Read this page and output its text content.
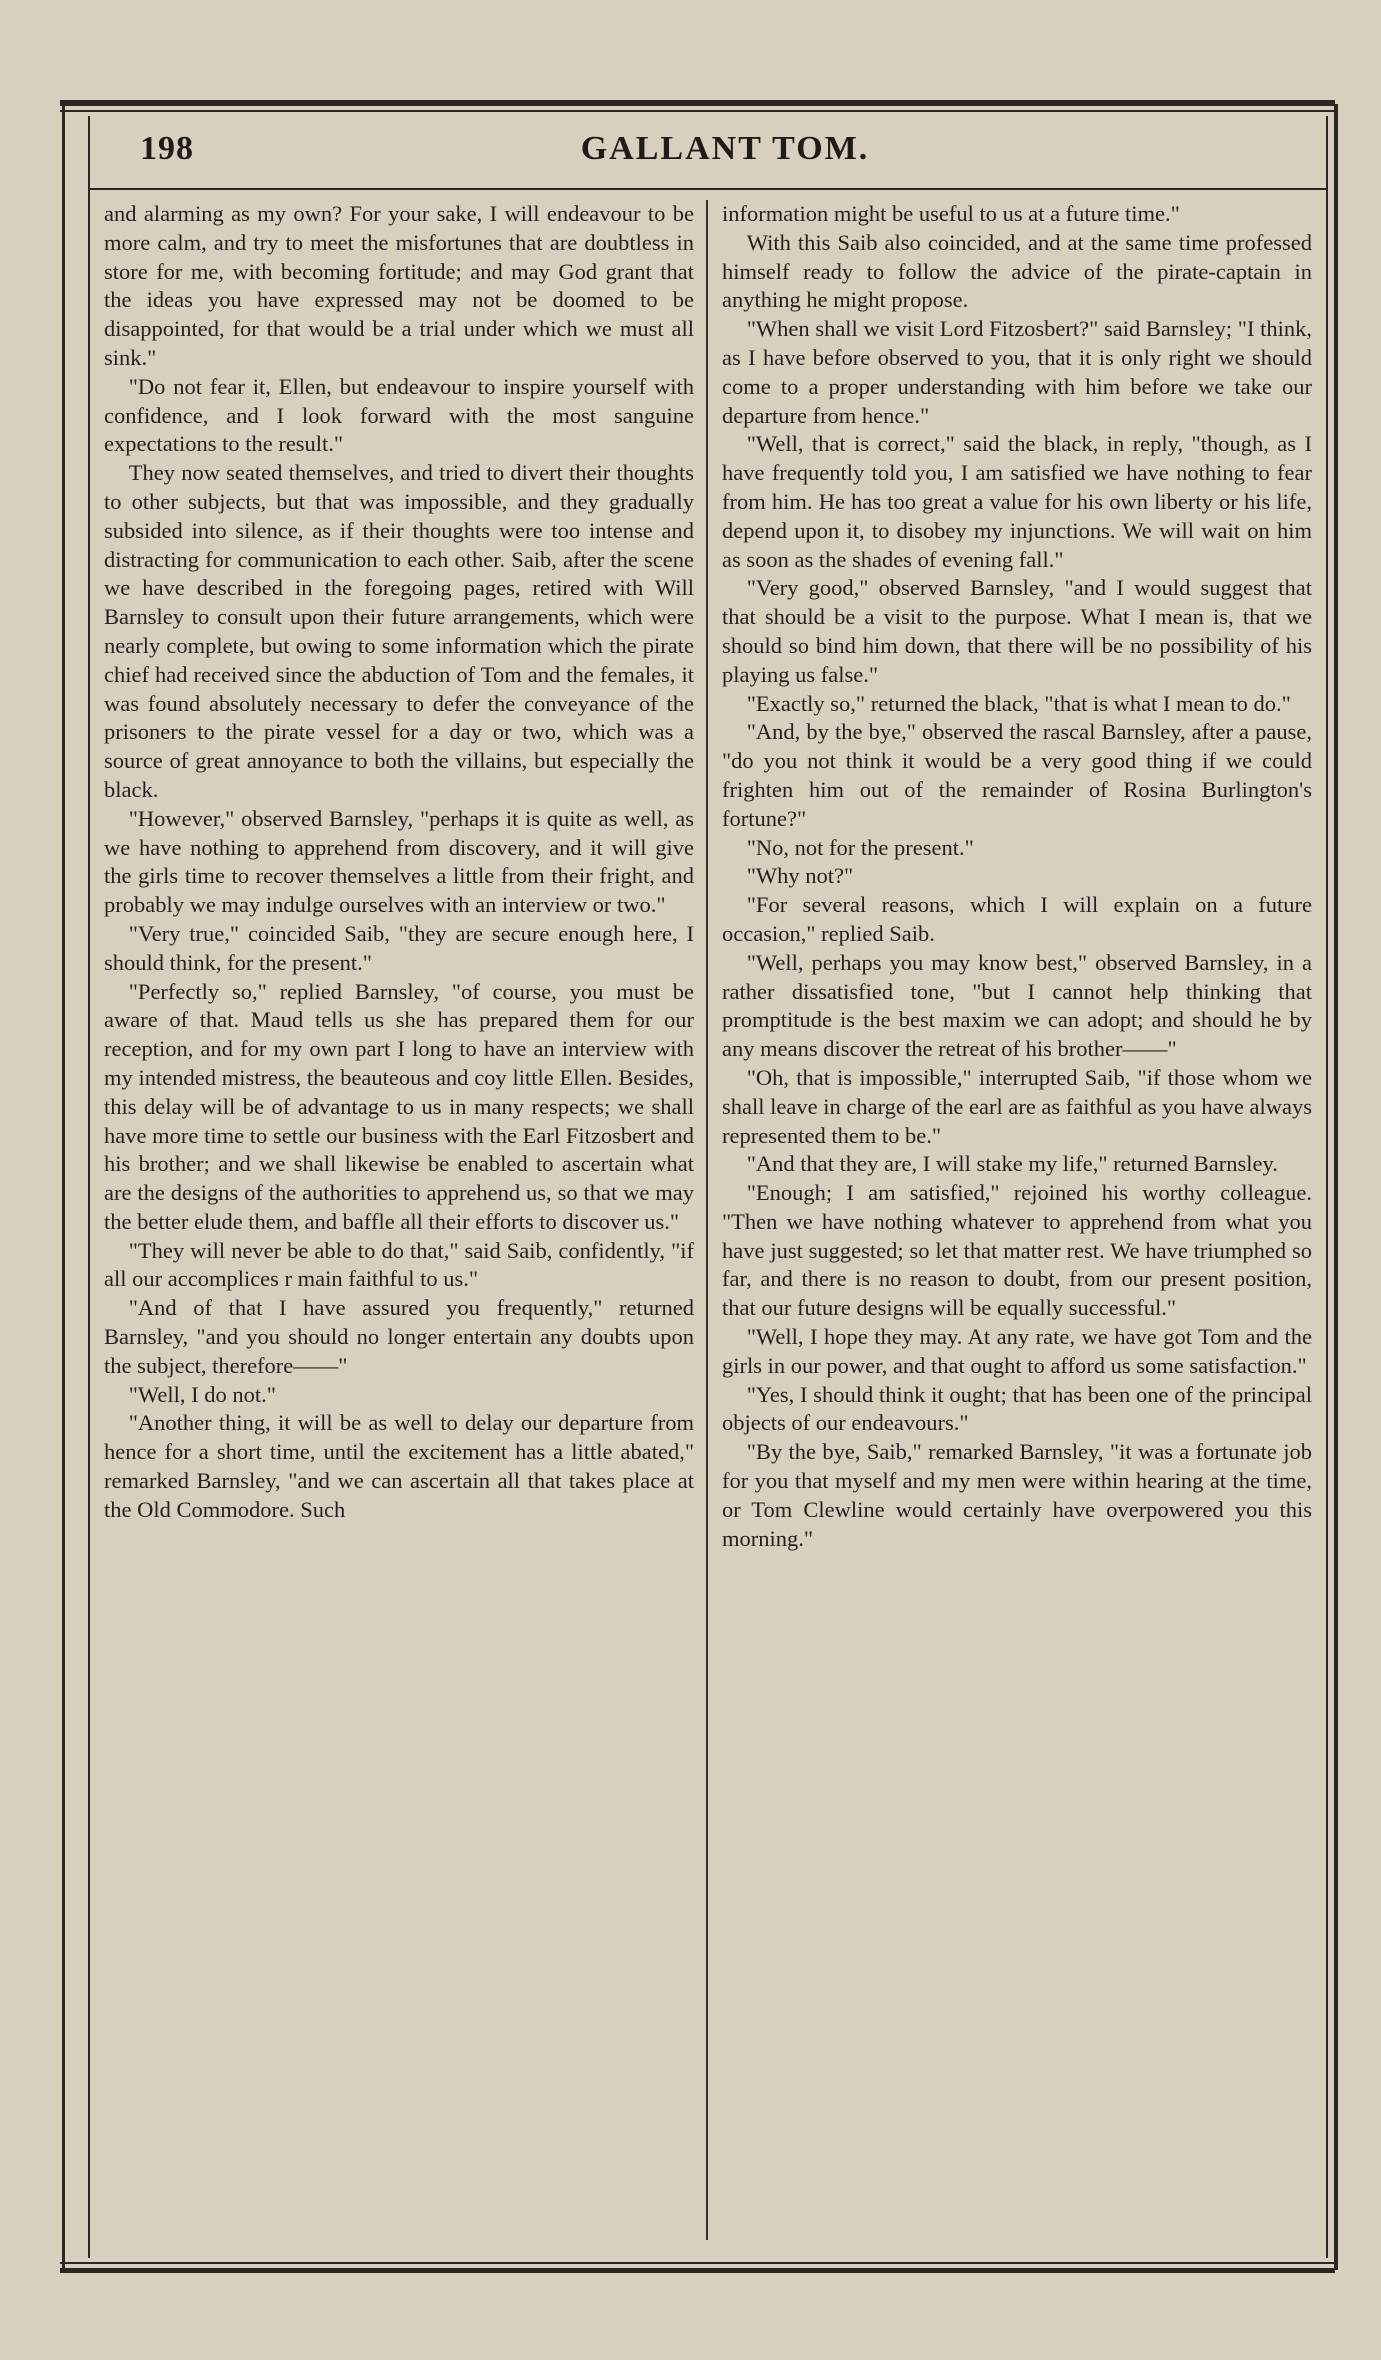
GALLANT TOM.
198

and alarming as my own? For your sake, I will endeavour to be more calm, and try to meet the misfortunes that are doubtless in store for me, with becoming fortitude; and may God grant that the ideas you have expressed may not be doomed to be disappointed, for that would be a trial under which we must all sink."

"Do not fear it, Ellen, but endeavour to inspire yourself with confidence, and I look forward with the most sanguine expectations to the result."

They now seated themselves, and tried to divert their thoughts to other subjects, but that was impossible, and they gradually subsided into silence, as if their thoughts were too intense and distracting for communication to each other. Saib, after the scene we have described in the foregoing pages, retired with Will Barnsley to consult upon their future arrangements, which were nearly complete, but owing to some information which the pirate chief had received since the abduction of Tom and the females, it was found absolutely necessary to defer the conveyance of the prisoners to the pirate vessel for a day or two, which was a source of great annoyance to both the villains, but especially the black.

"However," observed Barnsley, "perhaps it is quite as well, as we have nothing to apprehend from discovery, and it will give the girls time to recover themselves a little from their fright, and probably we may indulge ourselves with an interview or two."

"Very true," coincided Saib, "they are secure enough here, I should think, for the present."

"Perfectly so," replied Barnsley, "of course, you must be aware of that. Maud tells us she has prepared them for our reception, and for my own part I long to have an interview with my intended mistress, the beauteous and coy little Ellen. Besides, this delay will be of advantage to us in many respects; we shall have more time to settle our business with the Earl Fitzosbert and his brother; and we shall likewise be enabled to ascertain what are the designs of the authorities to apprehend us, so that we may the better elude them, and baffle all their efforts to discover us."

"They will never be able to do that," said Saib, confidently, "if all our accomplices r main faithful to us."

"And of that I have assured you frequently," returned Barnsley, "and you should no longer entertain any doubts upon the subject, therefore——"

"Well, I do not."

"Another thing, it will be as well to delay our departure from hence for a short time, until the excitement has a little abated," remarked Barnsley, "and we can ascertain all that takes place at the Old Commodore. Such

information might be useful to us at a future time."

With this Saib also coincided, and at the same time professed himself ready to follow the advice of the pirate-captain in anything he might propose.

"When shall we visit Lord Fitzosbert?" said Barnsley; "I think, as I have before observed to you, that it is only right we should come to a proper understanding with him before we take our departure from hence."

"Well, that is correct," said the black, in reply, "though, as I have frequently told you, I am satisfied we have nothing to fear from him. He has too great a value for his own liberty or his life, depend upon it, to disobey my injunctions. We will wait on him as soon as the shades of evening fall."

"Very good," observed Barnsley, "and I would suggest that that should be a visit to the purpose. What I mean is, that we should so bind him down, that there will be no possibility of his playing us false."

"Exactly so," returned the black, "that is what I mean to do."

"And, by the bye," observed the rascal Barnsley, after a pause, "do you not think it would be a very good thing if we could frighten him out of the remainder of Rosina Burlington's fortune?"

"No, not for the present."

"Why not?"

"For several reasons, which I will explain on a future occasion," replied Saib.

"Well, perhaps you may know best," observed Barnsley, in a rather dissatisfied tone, "but I cannot help thinking that promptitude is the best maxim we can adopt; and should he by any means discover the retreat of his brother——"

"Oh, that is impossible," interrupted Saib, "if those whom we shall leave in charge of the earl are as faithful as you have always represented them to be."

"And that they are, I will stake my life," returned Barnsley.

"Enough; I am satisfied," rejoined his worthy colleague. "Then we have nothing whatever to apprehend from what you have just suggested; so let that matter rest. We have triumphed so far, and there is no reason to doubt, from our present position, that our future designs will be equally successful."

"Well, I hope they may. At any rate, we have got Tom and the girls in our power, and that ought to afford us some satisfaction."

"Yes, I should think it ought; that has been one of the principal objects of our endeavours."

"By the bye, Saib," remarked Barnsley, "it was a fortunate job for you that myself and my men were within hearing at the time, or Tom Clewline would certainly have overpowered you this morning."
